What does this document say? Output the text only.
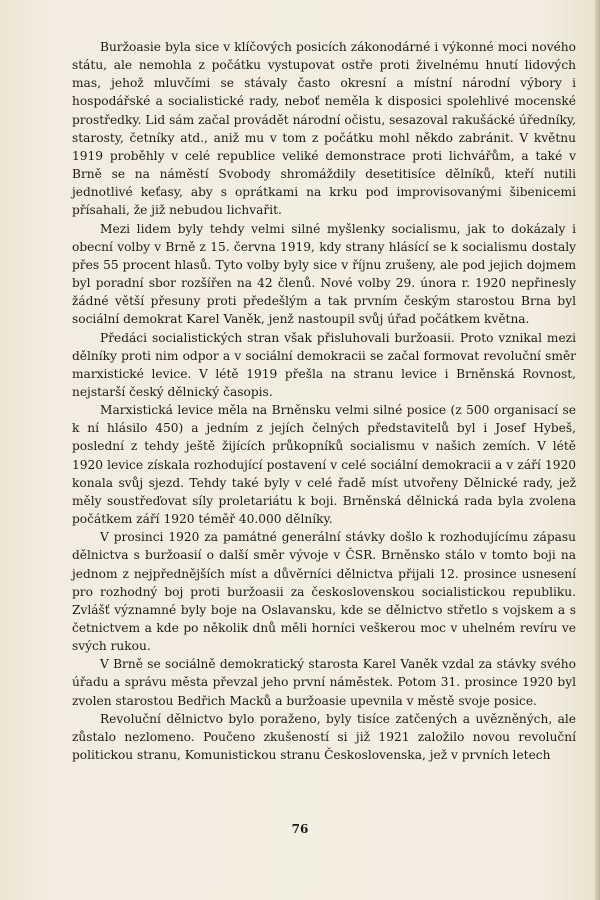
Buržoasie byla sice v klíčových posicích zákonodárné i výkonné moci nového státu, ale nemohla z počátku vystupovat ostře proti živelnému hnutí lidových mas, jehož mluvčími se stávaly často okresní a místní národní výbory i hospodářské a socialistické rady, neboť neměla k disposici spolehlivé mocenské prostředky. Lid sám začal provádět národní očistu, sesazoval rakušácké úředníky, starosty, četníky atd., aniž mu v tom z počátku mohl někdo zabránit. V květnu 1919 proběhly v celé republice veliké demonstrace proti lichvářům, a také v Brně se na náměstí Svobody shromáždily desetitisíce dělníků, kteří nutili jednotlivé keťasy, aby s oprátkami na krku pod improvisovanými šibenicemi přísahali, že již nebudou lichvařit.

Mezi lidem byly tehdy velmi silné myšlenky socialismu, jak to dokázaly i obecní volby v Brně z 15. června 1919, kdy strany hlásící se k socialismu dostaly přes 55 procent hlasů. Tyto volby byly sice v říjnu zrušeny, ale pod jejich dojmem byl poradní sbor rozšířen na 42 členů. Nové volby 29. února r. 1920 nepřinesly žádné větší přesuny proti předešlým a tak prvním českým starostou Brna byl sociální demokrat Karel Vaněk, jenž nastoupil svůj úřad počátkem května.

Předáci socialistických stran však přisluhovali buržoasii. Proto vznikal mezi dělníky proti nim odpor a v sociální demokracii se začal formovat revoluční směr marxistické levice. V létě 1919 přešla na stranu levice i Brněnská Rovnost, nejstarší český dělnický časopis.

Marxistická levice měla na Brněnsku velmi silné posice (z 500 organisací se k ní hlásilo 450) a jedním z jejích čelných představitelů byl i Josef Hybeš, poslední z tehdy ještě žijících průkopníků socialismu v našich zemích. V létě 1920 levice získala rozhodující postavení v celé sociální demokracii a v září 1920 konala svůj sjezd. Tehdy také byly v celé řadě míst utvořeny Dělnické rady, jež měly soustřeďovat síly proletariátu k boji. Brněnská dělnická rada byla zvolena počátkem září 1920 téměř 40.000 dělníky.

V prosinci 1920 za památné generální stávky došlo k rozhodujícímu zápasu dělnictva s buržoasií o další směr vývoje v ČSR. Brněnsko stálo v tomto boji na jednom z nejpřednějších míst a důvěrníci dělnictva přijali 12. prosince usnesení pro rozhodný boj proti buržoasii za československou socialistickou republiku. Zvlášť významné byly boje na Oslavansku, kde se dělnictvo střetlo s vojskem a s četnictvem a kde po několik dnů měli horníci veškerou moc v uhelném revíru ve svých rukou.

V Brně se sociálně demokratický starosta Karel Vaněk vzdal za stávky svého úřadu a správu města převzal jeho první náměstek. Potom 31. prosince 1920 byl zvolen starostou Bedřich Macků a buržoasie upevnila v městě svoje posice.

Revoluční dělnictvo bylo poraženo, byly tisíce zatčených a uvězněných, ale zůstalo nezlomeno. Poučeno zkušeností si již 1921 založilo novou revoluční politickou stranu, Komunistickou stranu Československa, jež v prvních letech

76
